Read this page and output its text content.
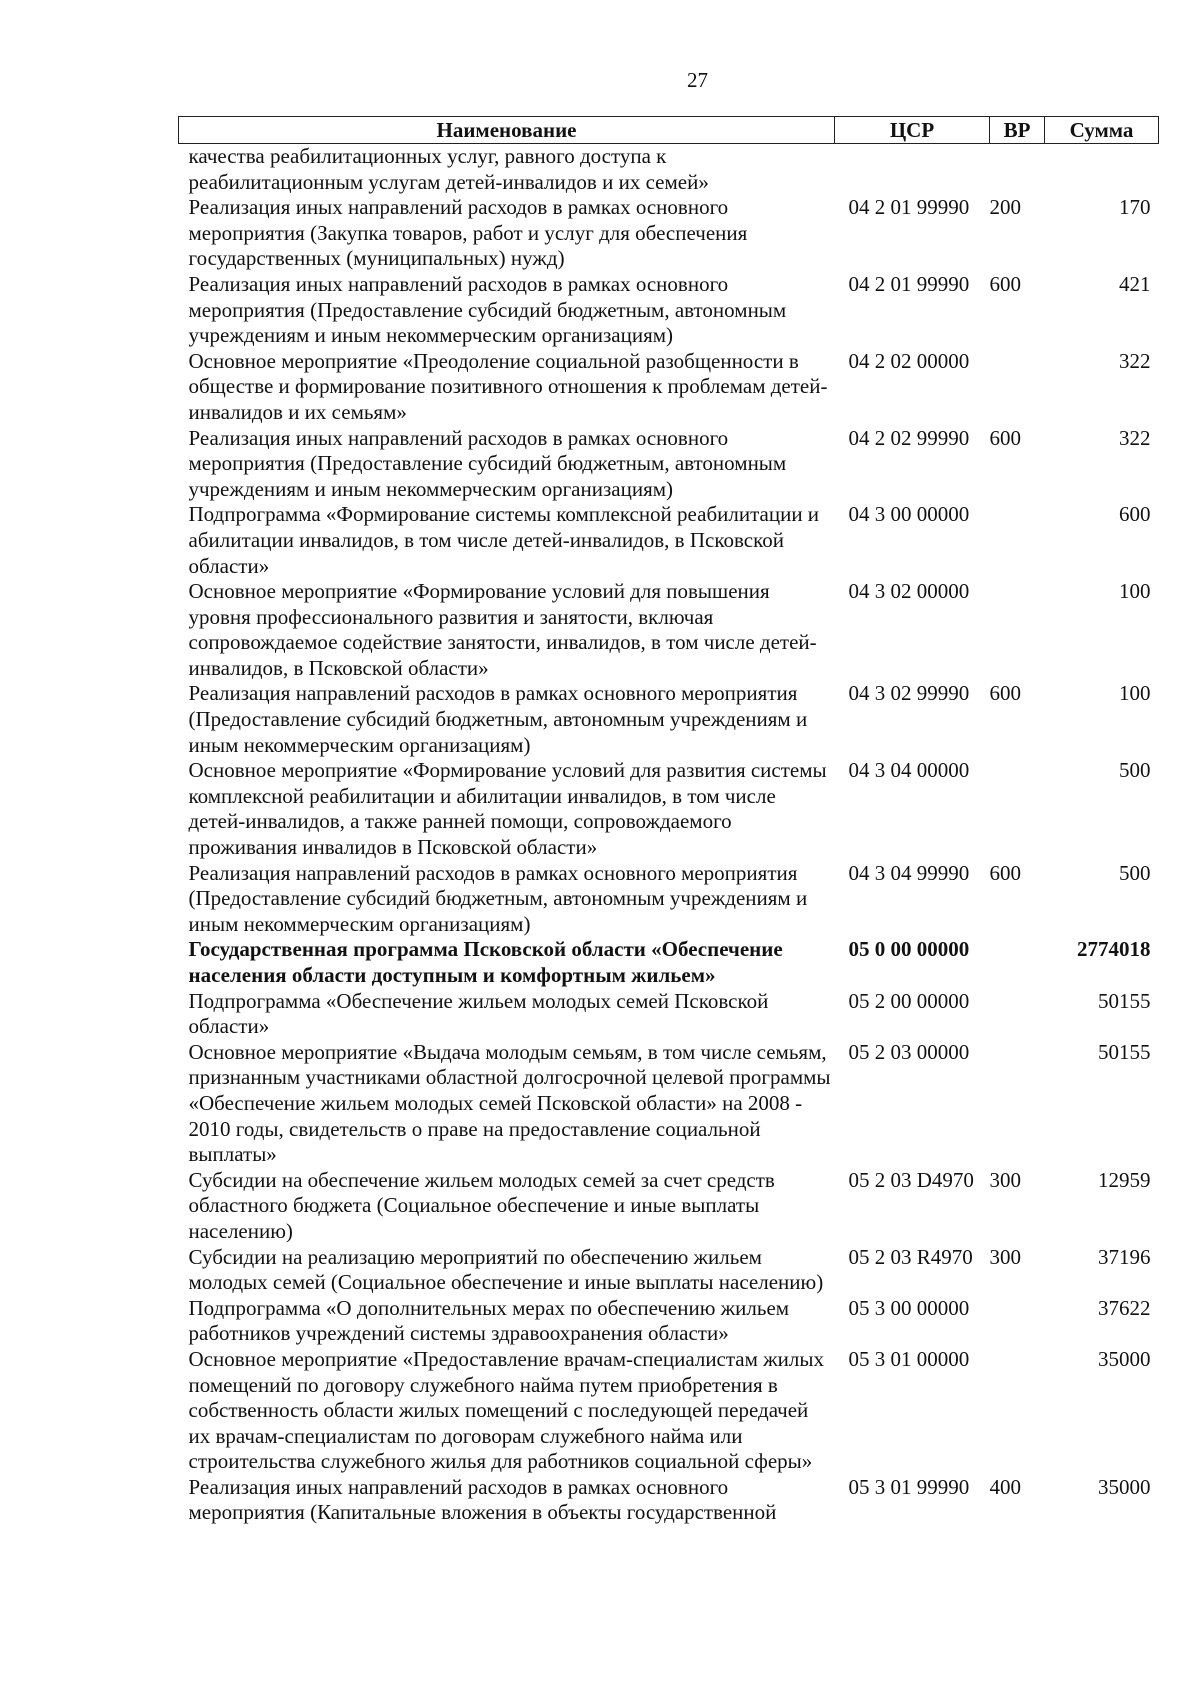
27
Наименование	ЦСР	ВР	Сумма
качества реабилитационных услуг, равного доступа к реабилитационным услугам детей-инвалидов и их семей»			
Реализация иных направлений расходов в рамках основного мероприятия (Закупка товаров, работ и услуг для обеспечения государственных (муниципальных) нужд)	04 2 01 99990	200	170
Реализация иных направлений расходов в рамках основного мероприятия (Предоставление субсидий бюджетным, автономным учреждениям и иным некоммерческим организациям)	04 2 01 99990	600	421
Основное мероприятие «Преодоление социальной разобщенности в обществе и формирование позитивного отношения к проблемам детей-инвалидов и их семьям»	04 2 02 00000		322
Реализация иных направлений расходов в рамках основного мероприятия (Предоставление субсидий бюджетным, автономным учреждениям и иным некоммерческим организациям)	04 2 02 99990	600	322
Подпрограмма «Формирование системы комплексной реабилитации и абилитации инвалидов, в том числе детей-инвалидов, в Псковской области»	04 3 00 00000		600
Основное мероприятие «Формирование условий для повышения уровня профессионального развития и занятости, включая сопровождаемое содействие занятости, инвалидов, в том числе детей-инвалидов, в Псковской области»	04 3 02 00000		100
Реализация направлений расходов в рамках основного мероприятия (Предоставление субсидий бюджетным, автономным учреждениям и иным некоммерческим организациям)	04 3 02 99990	600	100
Основное мероприятие «Формирование условий для развития системы комплексной реабилитации и абилитации инвалидов, в том числе детей-инвалидов, а также ранней помощи, сопровождаемого проживания инвалидов в Псковской области»	04 3 04 00000		500
Реализация направлений расходов в рамках основного мероприятия (Предоставление субсидий бюджетным, автономным учреждениям и иным некоммерческим организациям)	04 3 04 99990	600	500
Государственная программа Псковской области «Обеспечение населения области доступным и комфортным жильем»	05 0 00 00000		2774018
Подпрограмма «Обеспечение жильем молодых семей Псковской области»	05 2 00 00000		50155
Основное мероприятие «Выдача молодым семьям, в том числе семьям, признанным участниками областной долгосрочной целевой программы «Обеспечение жильем молодых семей Псковской области» на 2008 - 2010 годы, свидетельств о праве на предоставление социальной выплаты»	05 2 03 00000		50155
Субсидии на обеспечение жильем молодых семей за счет средств областного бюджета (Социальное обеспечение и иные выплаты населению)	05 2 03 D4970	300	12959
Субсидии на реализацию мероприятий по обеспечению жильем молодых семей (Социальное обеспечение и иные выплаты населению)	05 2 03 R4970	300	37196
Подпрограмма «О дополнительных мерах по обеспечению жильем работников учреждений системы здравоохранения области»	05 3 00 00000		37622
Основное мероприятие «Предоставление врачам-специалистам жилых помещений по договору служебного найма путем приобретения в собственность области жилых помещений с последующей передачей их врачам-специалистам по договорам служебного найма или строительства служебного жилья для работников социальной сферы»	05 3 01 00000		35000
Реализация иных направлений расходов в рамках основного мероприятия (Капитальные вложения в объекты государственной	05 3 01 99990	400	35000
